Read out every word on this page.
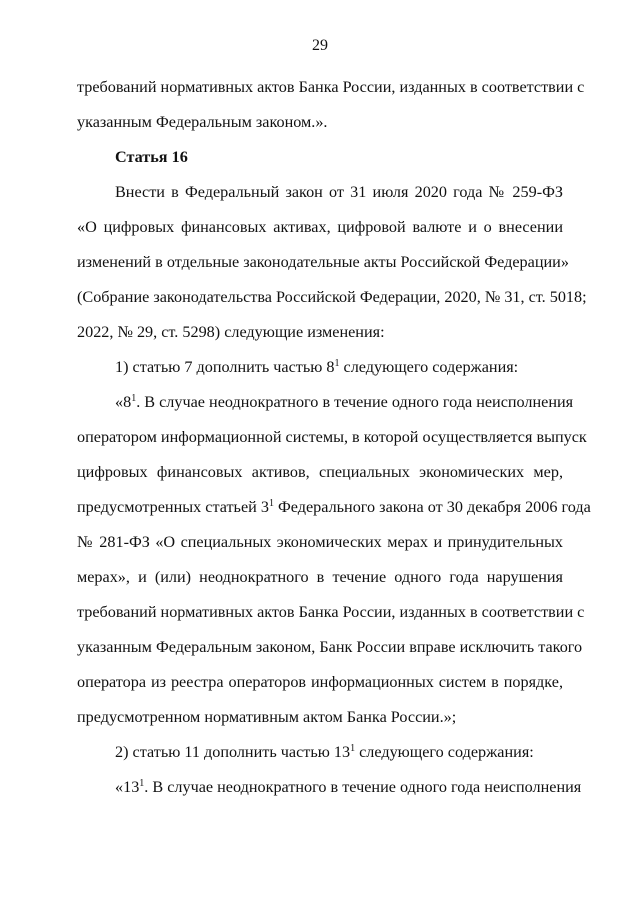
29
требований нормативных актов Банка России, изданных в соответствии с
указанным Федеральным законом.».
Статья 16
Внести в Федеральный закон от 31 июля 2020 года № 259-ФЗ
«О цифровых финансовых активах, цифровой валюте и о внесении
изменений в отдельные законодательные акты Российской Федерации»
(Собрание законодательства Российской Федерации, 2020, № 31, ст. 5018;
2022, № 29, ст. 5298) следующие изменения:
1) статью 7 дополнить частью $8^1$ следующего содержания:
«$8^1$. В случае неоднократного в течение одного года неисполнения
оператором информационной системы, в которой осуществляется выпуск
цифровых финансовых активов, специальных экономических мер,
предусмотренных статьей $3^1$ Федерального закона от 30 декабря 2006 года
№ 281-ФЗ «О специальных экономических мерах и принудительных
мерах», и (или) неоднократного в течение одного года нарушения
требований нормативных актов Банка России, изданных в соответствии с
указанным Федеральным законом, Банк России вправе исключить такого
оператора из реестра операторов информационных систем в порядке,
предусмотренном нормативным актом Банка России.»;
2) статью 11 дополнить частью $13^1$ следующего содержания:
«$13^1$. В случае неоднократного в течение одного года неисполнения
